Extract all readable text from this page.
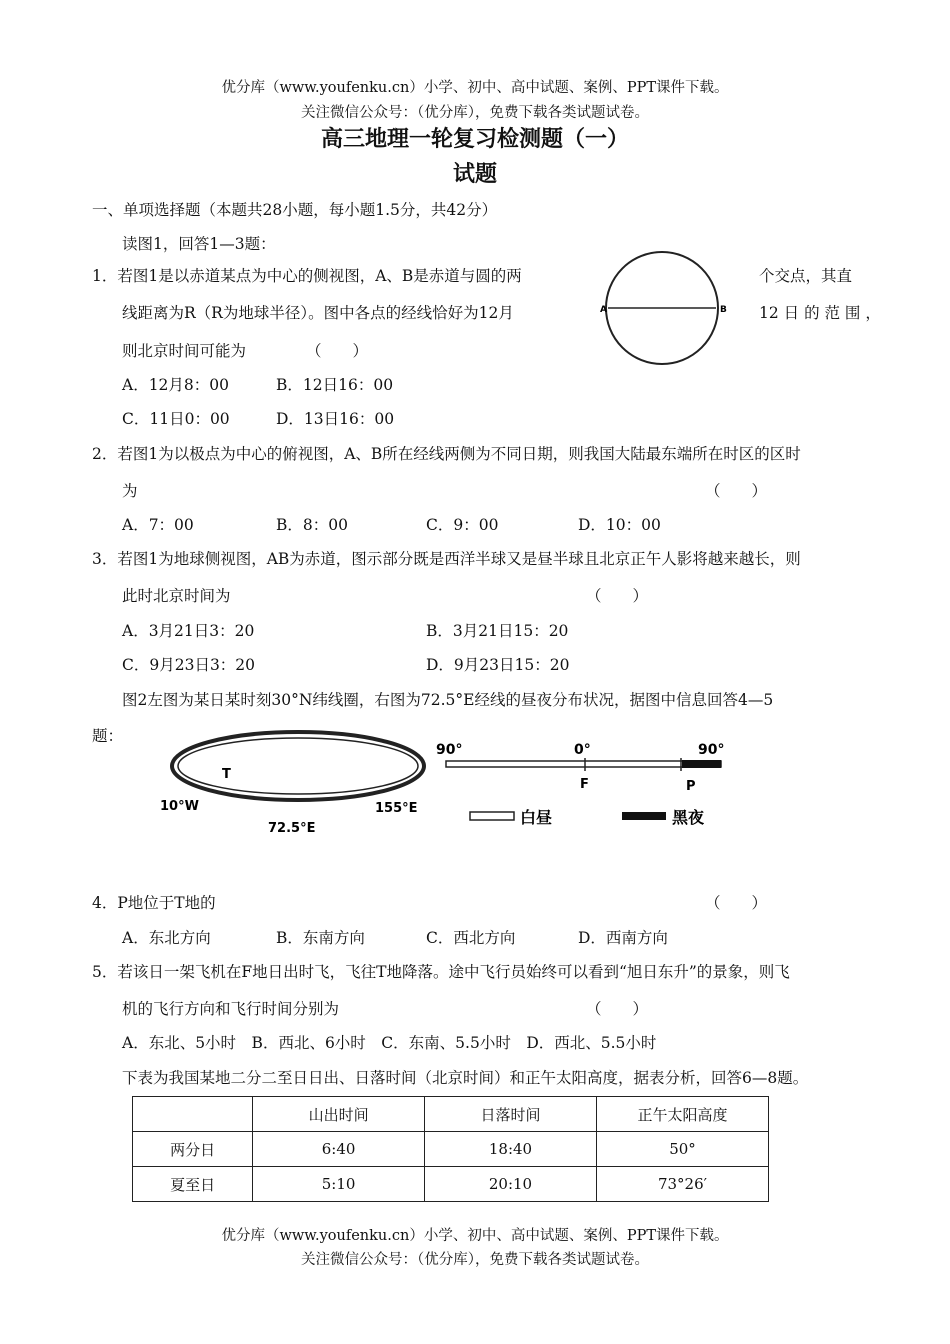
优分库（www.youfenku.cn）小学、初中、高中试题、案例、PPT课件下载。
关注微信公众号：（优分库），免费下载各类试题试卷。
高三地理一轮复习检测题（一）
试题
一、单项选择题（本题共28小题，每小题1.5分，共42分）
读图1，回答1—3题：
A	B
1．若图1是以赤道某点为中心的侧视图，A、B是赤道与圆的两	个交点，其直
线距离为R（R为地球半径）。图中各点的经线恰好为12月	12 日 的 范 围 ，
则北京时间可能为	（　　）
A．12月8：00	B．12日16：00
C．11日0：00	D．13日16：00
2．若图1为以极点为中心的俯视图，A、B所在经线两侧为不同日期，则我国大陆最东端所在时区的区时
为	（　　）
A．7：00	B．8：00	C．9：00	D．10：00
3．若图1为地球侧视图，AB为赤道，图示部分既是西洋半球又是昼半球且北京正午人影将越来越长，则
此时北京时间为	（　　）
A．3月21日3：20	B．3月21日15：20
C．9月23日3：20	D．9月23日15：20
图2左图为某日某时刻30°N纬线圈，右图为72.5°E经线的昼夜分布状况，据图中信息回答4—5
题：
T
10°W	155°E
72.5°E
90°	0°	90°
F	P
白昼	黑夜
4．P地位于T地的	（　　）
A．东北方向	B．东南方向	C．西北方向	D．西南方向
5．若该日一架飞机在F地日出时飞，飞往T地降落。途中飞行员始终可以看到“旭日东升”的景象，则飞
机的飞行方向和飞行时间分别为	（　　）
A．东北、5小时　B．西北、6小时　C．东南、5.5小时　D．西北、5.5小时
下表为我国某地二分二至日日出、日落时间（北京时间）和正午太阳高度，据表分析，回答6—8题。
	山出时间	日落时间	正午太阳高度
两分日	6:40	18:40	50°
夏至日	5:10	20:10	73°26′
优分库（www.youfenku.cn）小学、初中、高中试题、案例、PPT课件下载。
关注微信公众号：（优分库），免费下载各类试题试卷。
